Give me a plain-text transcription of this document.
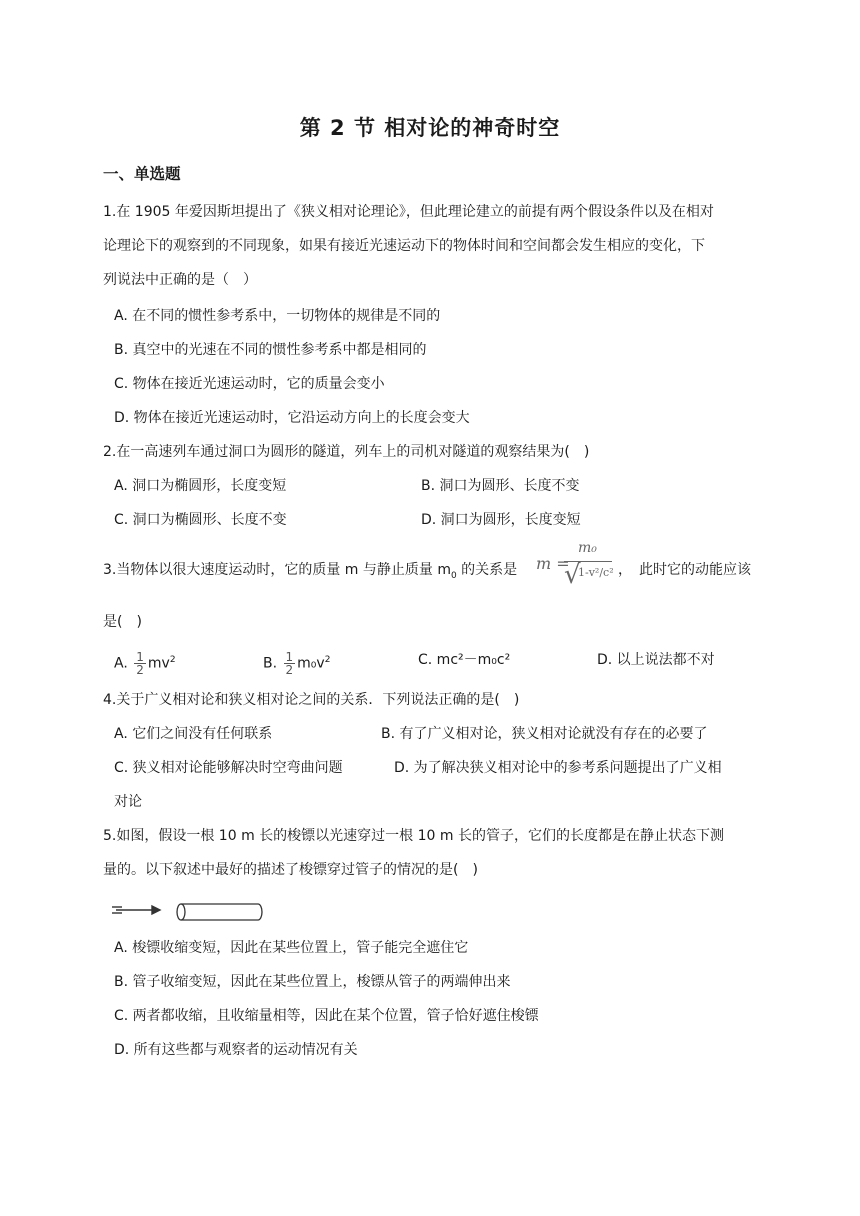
第 2 节 相对论的神奇时空
一、单选题
1.在 1905 年爱因斯坦提出了《狭义相对论理论》，但此理论建立的前提有两个假设条件以及在相对
论理论下的观察到的不同现象，如果有接近光速运动下的物体时间和空间都会发生相应的变化，下
列说法中正确的是（　）
A. 在不同的惯性参考系中，一切物体的规律是不同的
B. 真空中的光速在不同的惯性参考系中都是相同的
C. 物体在接近光速运动时，它的质量会变小
D. 物体在接近光速运动时，它沿运动方向上的长度会变大
2.在一高速列车通过洞口为圆形的隧道，列车上的司机对隧道的观察结果为(　)
A. 洞口为椭圆形，长度变短	B. 洞口为圆形、长度不变
C. 洞口为椭圆形、长度不变	D. 洞口为圆形，长度变短
3.当物体以很大速度运动时，它的质量 m 与静止质量 $m_0$ 的关系是 m =
m₀
√
1-v²/c² ，　此时它的动能应该
是(　)
A. $\frac{1}{2} mv^2$	B. $\frac{1}{2} m_0v^2$	C. mc²－m₀c²	D. 以上说法都不对
4.关于广义相对论和狭义相对论之间的关系．下列说法正确的是(　)
A. 它们之间没有任何联系	B. 有了广义相对论，狭义相对论就没有存在的必要了
C. 狭义相对论能够解决时空弯曲问题	D. 为了解决狭义相对论中的参考系问题提出了广义相
对论
5.如图，假设一根 10 m 长的梭镖以光速穿过一根 10 m 长的管子，它们的长度都是在静止状态下测
量的。以下叙述中最好的描述了梭镖穿过管子的情况的是(　)
A. 梭镖收缩变短，因此在某些位置上，管子能完全遮住它
B. 管子收缩变短，因此在某些位置上，梭镖从管子的两端伸出来
C. 两者都收缩，且收缩量相等，因此在某个位置，管子恰好遮住梭镖
D. 所有这些都与观察者的运动情况有关
